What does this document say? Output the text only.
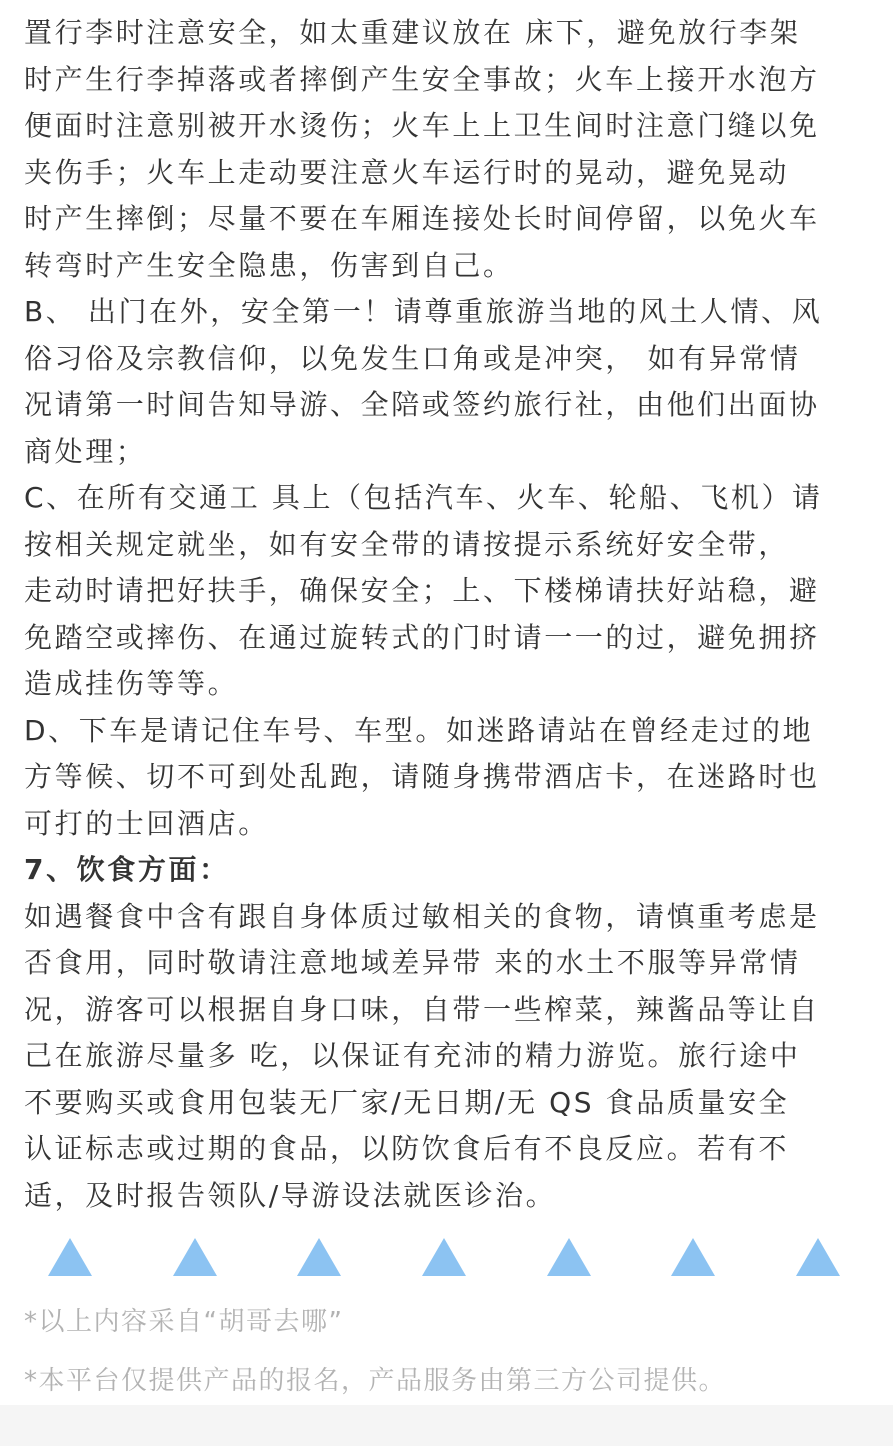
置行李时注意安全，如太重建议放在 床下，避免放行李架
时产生行李掉落或者摔倒产生安全事故；火车上接开水泡方
便面时注意别被开水烫伤；火车上上卫生间时注意门缝以免
夹伤手；火车上走动要注意火车运行时的晃动，避免晃动
时产生摔倒；尽量不要在车厢连接处长时间停留，以免火车
转弯时产生安全隐患，伤害到自己。

B、 出门在外，安全第一！请尊重旅游当地的风土人情、风
俗习俗及宗教信仰，以免发生口角或是冲突， 如有异常情
况请第一时间告知导游、全陪或签约旅行社，由他们出面协
商处理；

C、在所有交通工 具上（包括汽车、火车、轮船、飞机）请
按相关规定就坐，如有安全带的请按提示系统好安全带，
走动时请把好扶手，确保安全；上、下楼梯请扶好站稳，避
免踏空或摔伤、在通过旋转式的门时请一一的过，避免拥挤
造成挂伤等等。

D、下车是请记住车号、车型。如迷路请站在曾经走过的地
方等候、切不可到处乱跑，请随身携带酒店卡，在迷路时也
可打的士回酒店。

7、饮食方面：

如遇餐食中含有跟自身体质过敏相关的食物，请慎重考虑是
否食用，同时敬请注意地域差异带 来的水土不服等异常情
况，游客可以根据自身口味，自带一些榨菜，辣酱品等让自
己在旅游尽量多 吃，以保证有充沛的精力游览。旅行途中
不要购买或食用包装无厂家/无日期/无 QS 食品质量安全
认证标志或过期的食品，以防饮食后有不良反应。若有不
适，及时报告领队/导游设法就医诊治。

*以上内容采自“胡哥去哪”

*本平台仅提供产品的报名，产品服务由第三方公司提供。
